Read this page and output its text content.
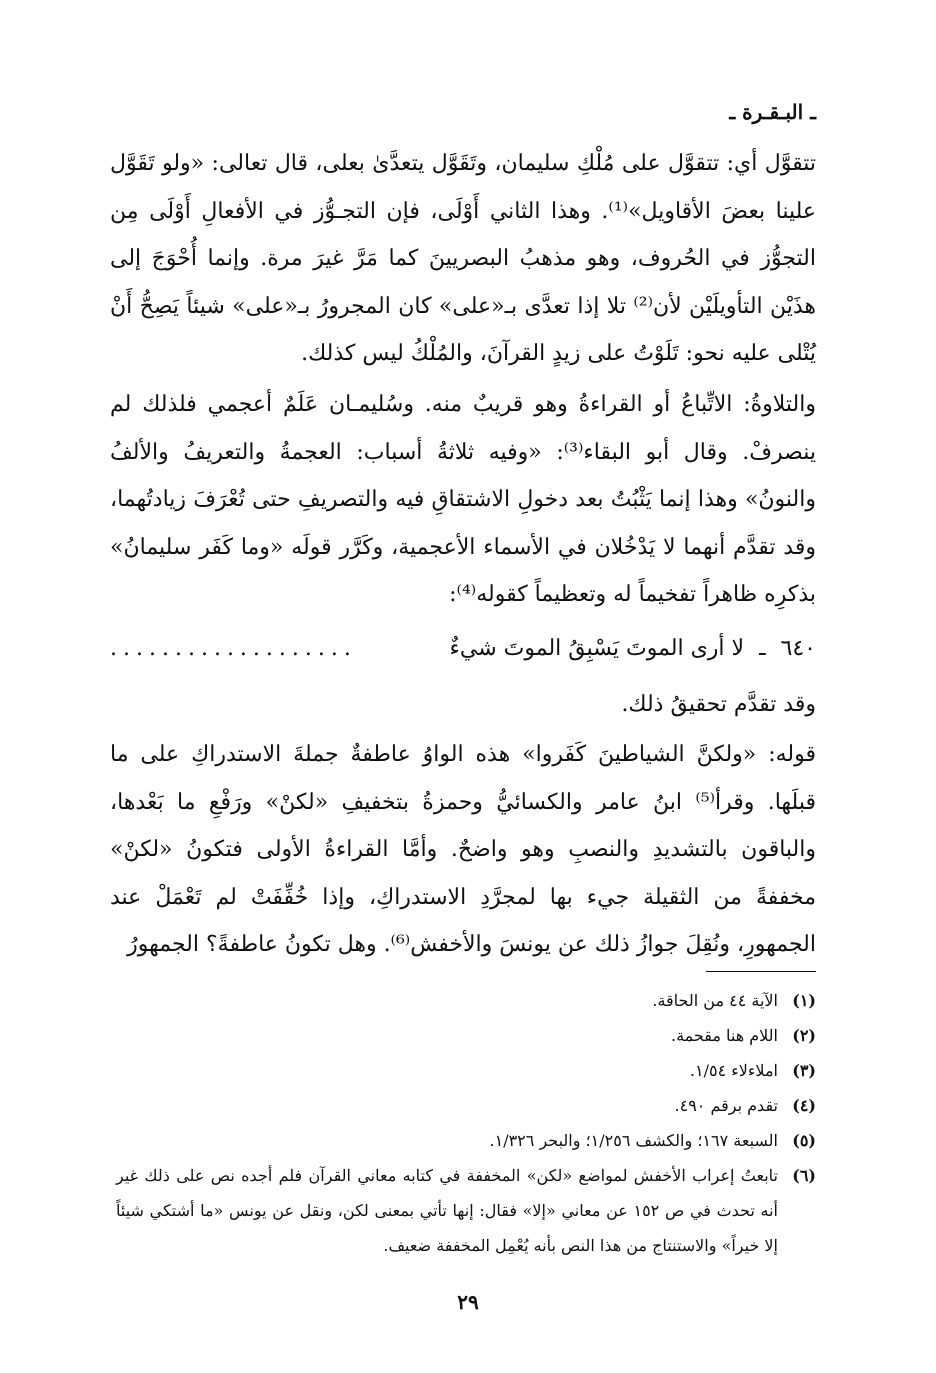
ـ البـقـرة ـ

تتقوَّل أي: تتقوَّل على مُلْكِ سليمان، وتَقَوَّل يتعدَّىٰ بعلى، قال تعالى: «ولو تَقَوَّل علينا بعضَ الأقاويل»⁽¹⁾. وهذا الثاني أَوْلَى، فإن التجـوُّز في الأفعالِ أَوْلَى مِن التجوُّز في الحُروف، وهو مذهبُ البصريينَ كما مَرَّ غيرَ مرة. وإنما أُحْوَجَ إلى هذَيْن التأويلَيْن لأن⁽²⁾ تلا إذا تعدَّى بـ«على» كان المجرورُ بـ«على» شيئاً يَصِحُّ أَنْ يُتْلى عليه نحو: تَلَوْتُ على زيدٍ القرآنَ، والمُلْكُ ليس كذلك.

والتلاوةُ: الاتِّباعُ أو القراءةُ وهو قريبٌ منه. وسُليمـان عَلَمٌ أعجمي فلذلك لم ينصرفْ. وقال أبو البقاء⁽³⁾: «وفيه ثلاثةُ أسباب: العجمةُ والتعريفُ والألفُ والنونُ» وهذا إنما يَثْبُتُ بعد دخولِ الاشتقاقِ فيه والتصريفِ حتى تُعْرَفَ زيادتُهما، وقد تقدَّم أنهما لا يَدْخُلان في الأسماء الأعجمية، وكَرَّر قولَه «وما كَفَر سليمانُ» بذكرِه ظاهراً تفخيماً له وتعظيماً كقوله⁽⁴⁾:

٦٤٠ ـ لا أرى الموتَ يَسْبِقُ الموتَ شيءٌ
...................

وقد تقدَّم تحقيقُ ذلك.

قوله: «ولكنَّ الشياطينَ كَفَروا» هذه الواوُ عاطفةٌ جملةَ الاستدراكِ على ما قبلَها. وقرأ⁽⁵⁾ ابنُ عامر والكسائيُّ وحمزةُ بتخفيفِ «لكنْ» ورَفْعِ ما بَعْدها، والباقون بالتشديدِ والنصبِ وهو واضحٌ. وأمَّا القراءةُ الأولى فتكونُ «لكنْ» مخففةً من الثقيلة جيء بها لمجرَّدِ الاستدراكِ، وإذا خُفِّفَتْ لم تَعْمَلْ عند الجمهورِ، ونُقِلَ جوازُ ذلك عن يونسَ والأخفش⁽⁶⁾. وهل تكونُ عاطفةً؟ الجمهورُ

(١)
الآية ٤٤ من الحاقة.
(٢)
اللام هنا مقحمة.
(٣)
املاءلاء ١/٥٤.
(٤)
تقدم برقم ٤٩٠.
(٥)
السبعة ١٦٧؛ والكشف ١/٢٥٦؛ والبحر ١/٣٢٦.
(٦)
تابعتُ إعراب الأخفش لمواضع «لكن» المخففة في كتابه معاني القرآن فلم أجده نص على ذلك غير أنه تحدث في ص ١٥٢ عن معاني «إلا» فقال: إنها تأتي بمعنى لكن، ونقل عن يونس «ما أشتكي شيئاً إلا خيراً» والاستنتاج من هذا النص بأنه يُعْمِل المخففة ضعيف.
٢٩
